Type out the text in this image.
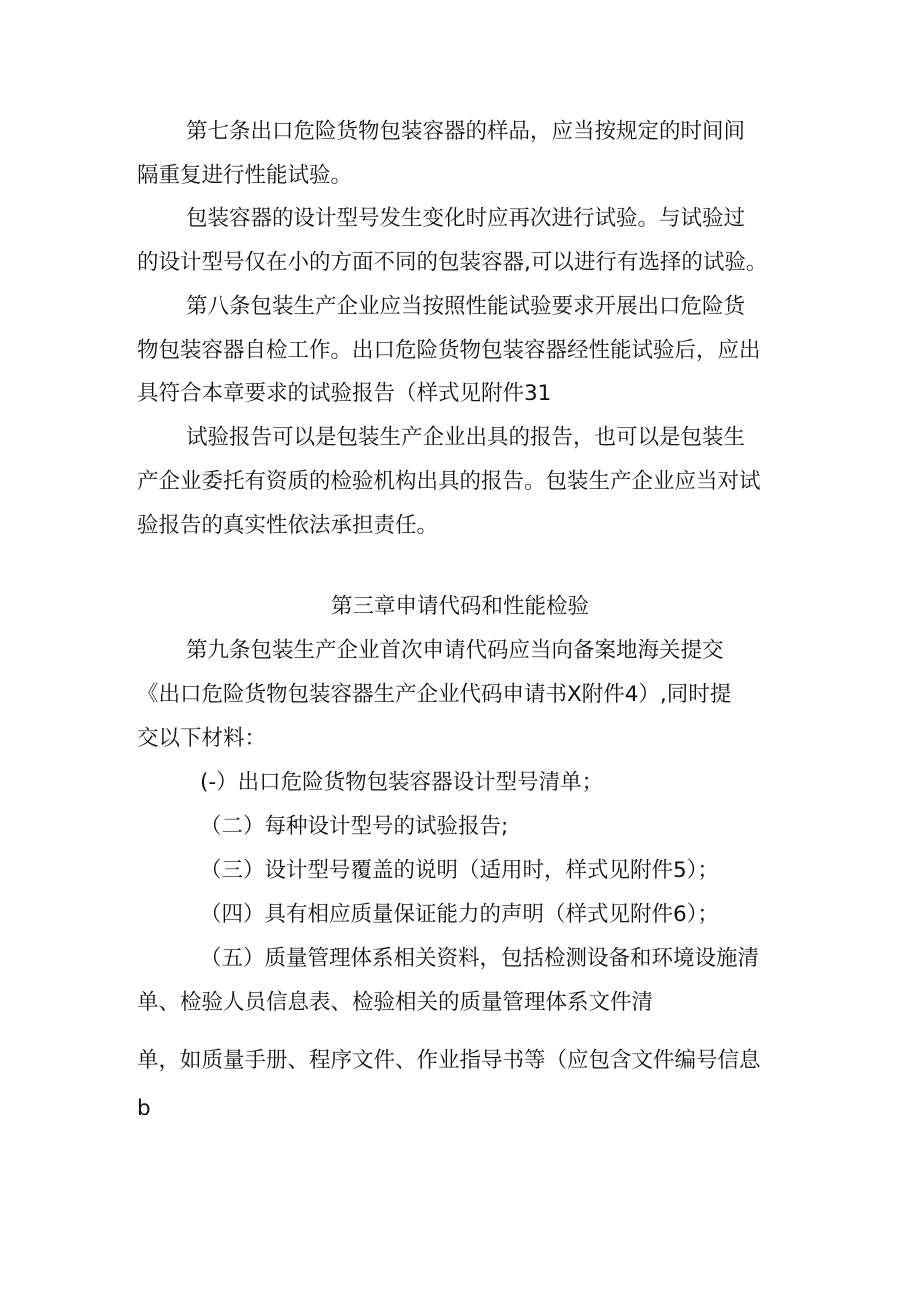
第七条出口危险货物包装容器的样品，应当按规定的时间间
隔重复进行性能试验。
包装容器的设计型号发生变化时应再次进行试验。与试验过
的设计型号仅在小的方面不同的包装容器,可以进行有选择的试验。
第八条包装生产企业应当按照性能试验要求开展出口危险货
物包装容器自检工作。出口危险货物包装容器经性能试验后，应出
具符合本章要求的试验报告（样式见附件31
试验报告可以是包装生产企业出具的报告，也可以是包装生
产企业委托有资质的检验机构出具的报告。包装生产企业应当对试
验报告的真实性依法承担责任。
第三章申请代码和性能检验
第九条包装生产企业首次申请代码应当向备案地海关提交
《出口危险货物包装容器生产企业代码申请书X附件4）,同时提
交以下材料：
(-）出口危险货物包装容器设计型号清单；
（二）每种设计型号的试验报告;
（三）设计型号覆盖的说明（适用时，样式见附件5）；
（四）具有相应质量保证能力的声明（样式见附件6）；
（五）质量管理体系相关资料，包括检测设备和环境设施清
单、检验人员信息表、检验相关的质量管理体系文件清
单，如质量手册、程序文件、作业指导书等（应包含文件编号信息
b
